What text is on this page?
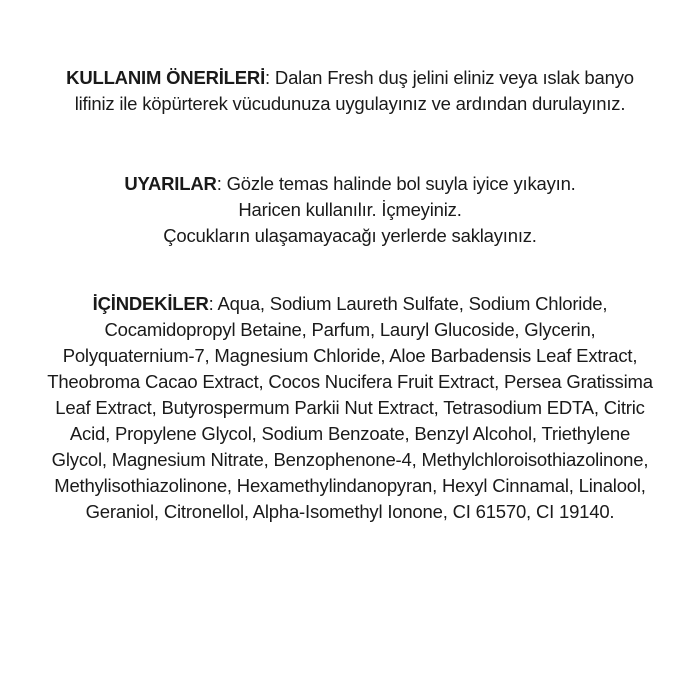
KULLANIM ÖNERİLERİ: Dalan Fresh duş jelini eliniz veya ıslak banyo
lifiniz ile köpürterek vücudunuza uygulayınız ve ardından durulayınız.
UYARILAR: Gözle temas halinde bol suyla iyice yıkayın.
Haricen kullanılır. İçmeyiniz.
Çocukların ulaşamayacağı yerlerde saklayınız.
İÇİNDEKİLER: Aqua, Sodium Laureth Sulfate, Sodium Chloride,
Cocamidopropyl Betaine, Parfum, Lauryl Glucoside, Glycerin,
Polyquaternium-7, Magnesium Chloride, Aloe Barbadensis Leaf Extract,
Theobroma Cacao Extract, Cocos Nucifera Fruit Extract, Persea Gratissima
Leaf Extract, Butyrospermum Parkii Nut Extract, Tetrasodium EDTA, Citric
Acid, Propylene Glycol, Sodium Benzoate, Benzyl Alcohol, Triethylene
Glycol, Magnesium Nitrate, Benzophenone-4, Methylchloroisothiazolinone,
Methylisothiazolinone, Hexamethylindanopyran, Hexyl Cinnamal, Linalool,
Geraniol, Citronellol, Alpha-Isomethyl Ionone, CI 61570, CI 19140.
